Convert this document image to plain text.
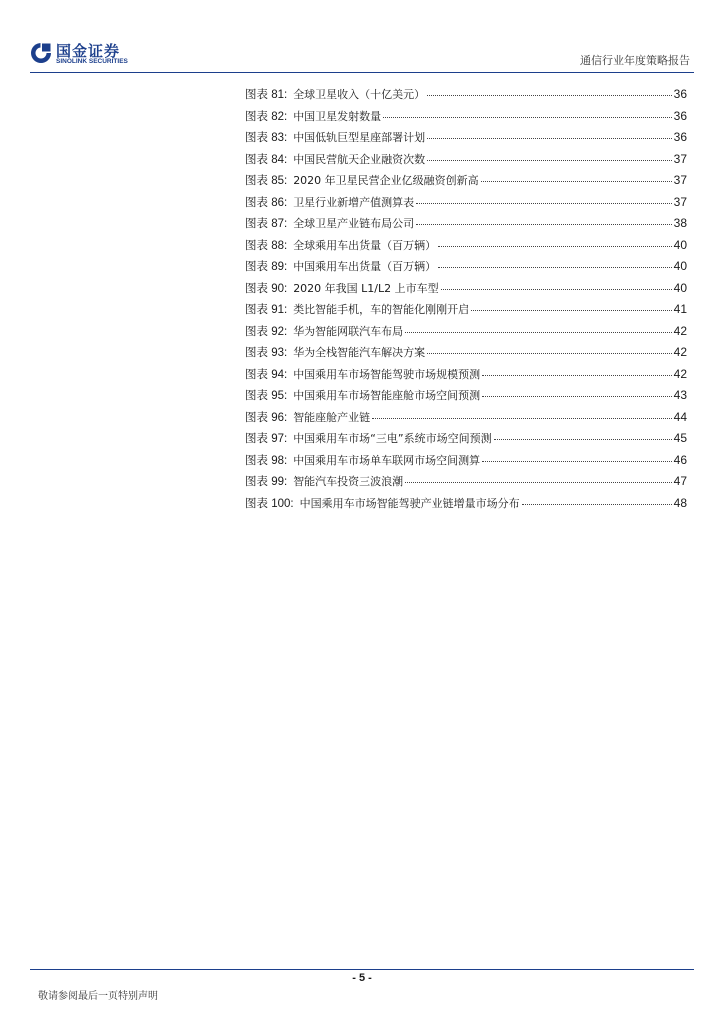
国金证券
SINOLINK SECURITIES	通信行业年度策略报告
图表 81: 全球卫星收入（十亿美元）	36
图表 82: 中国卫星发射数量	36
图表 83: 中国低轨巨型星座部署计划	36
图表 84: 中国民营航天企业融资次数	37
图表 85: 2020 年卫星民营企业亿级融资创新高	37
图表 86: 卫星行业新增产值测算表	37
图表 87: 全球卫星产业链布局公司	38
图表 88: 全球乘用车出货量（百万辆）	40
图表 89: 中国乘用车出货量（百万辆）	40
图表 90: 2020 年我国 L1/L2 上市车型	40
图表 91: 类比智能手机，车的智能化刚刚开启	41
图表 92: 华为智能网联汽车布局	42
图表 93: 华为全栈智能汽车解决方案	42
图表 94: 中国乘用车市场智能驾驶市场规模预测	42
图表 95: 中国乘用车市场智能座舱市场空间预测	43
图表 96: 智能座舱产业链	44
图表 97: 中国乘用车市场“三电”系统市场空间预测	45
图表 98: 中国乘用车市场单车联网市场空间测算	46
图表 99: 智能汽车投资三波浪潮	47
图表 100: 中国乘用车市场智能驾驶产业链增量市场分布	48
- 5 -
敬请参阅最后一页特别声明
